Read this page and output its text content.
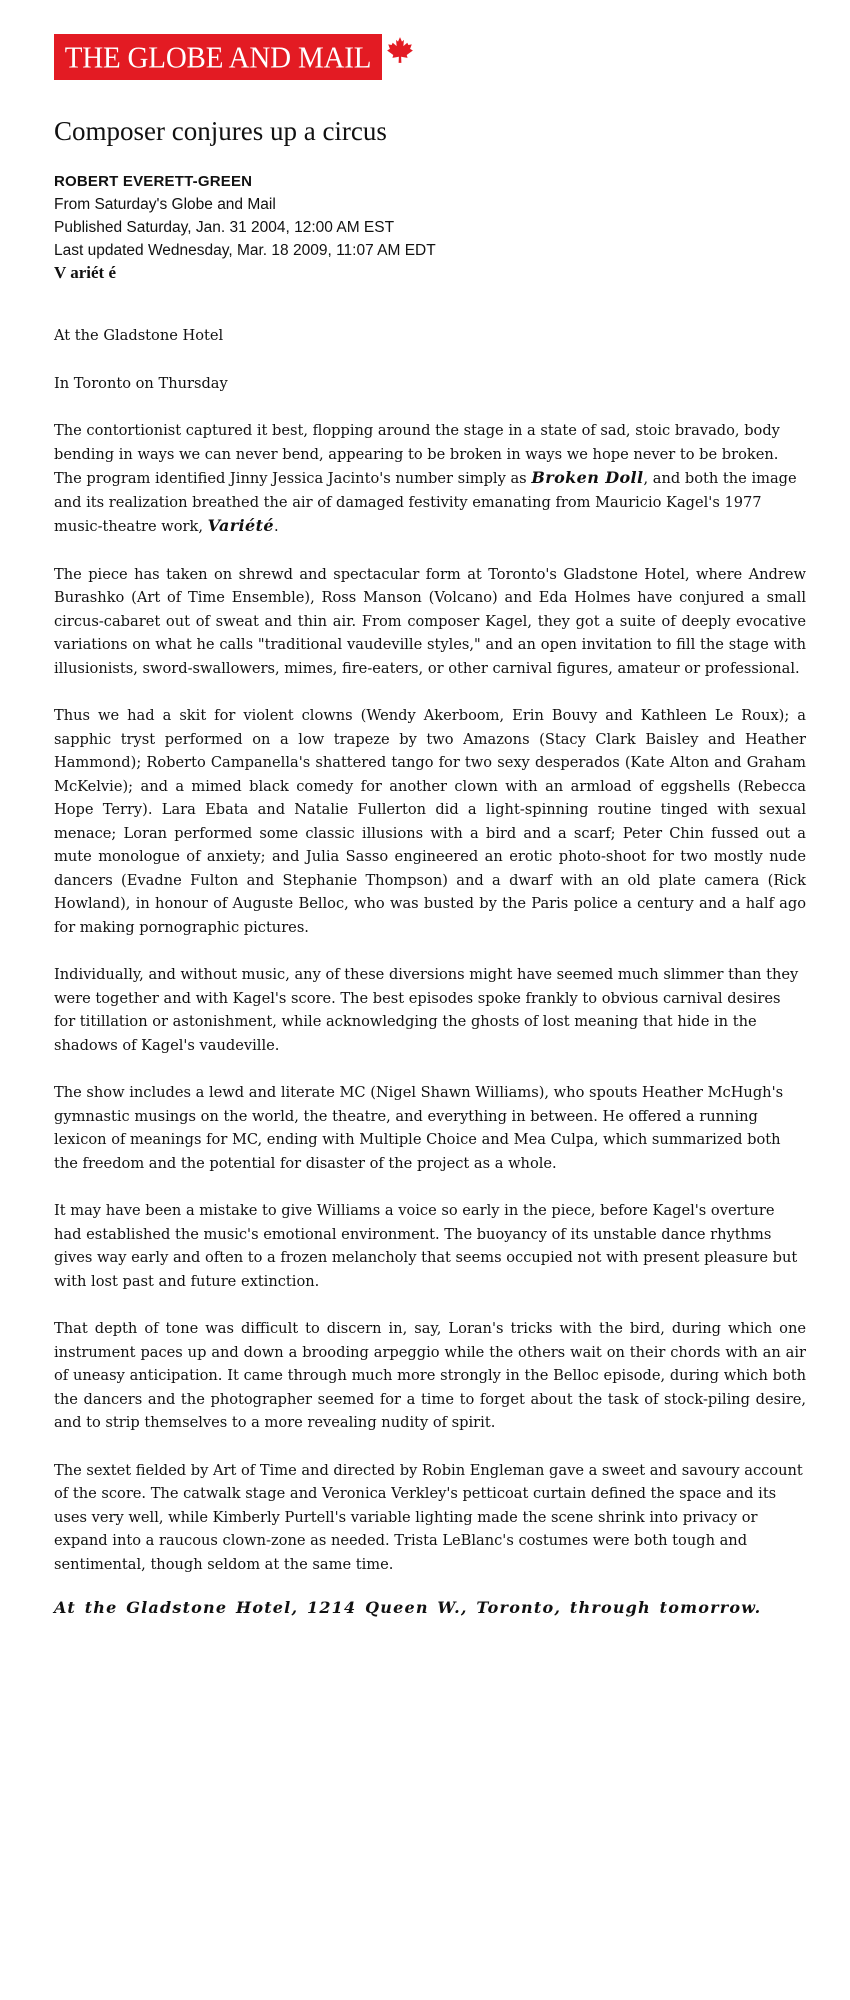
THE GLOBE AND MAIL
Composer conjures up a circus
ROBERT EVERETT-GREEN
From Saturday's Globe and Mail
Published Saturday, Jan. 31 2004, 12:00 AM EST
Last updated Wednesday, Mar. 18 2009, 11:07 AM EDT
V ariét é

At the Gladstone Hotel

In Toronto on Thursday

The contortionist captured it best, flopping around the stage in a state of sad, stoic bravado, body bending in ways we can never bend, appearing to be broken in ways we hope never to be broken. The program identified Jinny Jessica Jacinto's number simply as Broken Doll, and both the image and its realization breathed the air of damaged festivity emanating from Mauricio Kagel's 1977 music-theatre work, Variété.

The piece has taken on shrewd and spectacular form at Toronto's Gladstone Hotel, where Andrew Burashko (Art of Time Ensemble), Ross Manson (Volcano) and Eda Holmes have conjured a small circus-cabaret out of sweat and thin air. From composer Kagel, they got a suite of deeply evocative variations on what he calls "traditional vaudeville styles," and an open invitation to fill the stage with illusionists, sword-swallowers, mimes, fire-eaters, or other carnival figures, amateur or professional.

Thus we had a skit for violent clowns (Wendy Akerboom, Erin Bouvy and Kathleen Le Roux); a sapphic tryst performed on a low trapeze by two Amazons (Stacy Clark Baisley and Heather Hammond); Roberto Campanella's shattered tango for two sexy desperados (Kate Alton and Graham McKelvie); and a mimed black comedy for another clown with an armload of eggshells (Rebecca Hope Terry). Lara Ebata and Natalie Fullerton did a light-spinning routine tinged with sexual menace; Loran performed some classic illusions with a bird and a scarf; Peter Chin fussed out a mute monologue of anxiety; and Julia Sasso engineered an erotic photo-shoot for two mostly nude dancers (Evadne Fulton and Stephanie Thompson) and a dwarf with an old plate camera (Rick Howland), in honour of Auguste Belloc, who was busted by the Paris police a century and a half ago for making pornographic pictures.

Individually, and without music, any of these diversions might have seemed much slimmer than they were together and with Kagel's score. The best episodes spoke frankly to obvious carnival desires for titillation or astonishment, while acknowledging the ghosts of lost meaning that hide in the shadows of Kagel's vaudeville.

The show includes a lewd and literate MC (Nigel Shawn Williams), who spouts Heather McHugh's gymnastic musings on the world, the theatre, and everything in between. He offered a running lexicon of meanings for MC, ending with Multiple Choice and Mea Culpa, which summarized both the freedom and the potential for disaster of the project as a whole.

It may have been a mistake to give Williams a voice so early in the piece, before Kagel's overture had established the music's emotional environment. The buoyancy of its unstable dance rhythms gives way early and often to a frozen melancholy that seems occupied not with present pleasure but with lost past and future extinction.

That depth of tone was difficult to discern in, say, Loran's tricks with the bird, during which one instrument paces up and down a brooding arpeggio while the others wait on their chords with an air of uneasy anticipation. It came through much more strongly in the Belloc episode, during which both the dancers and the photographer seemed for a time to forget about the task of stock-piling desire, and to strip themselves to a more revealing nudity of spirit.

The sextet fielded by Art of Time and directed by Robin Engleman gave a sweet and savoury account of the score. The catwalk stage and Veronica Verkley's petticoat curtain defined the space and its uses very well, while Kimberly Purtell's variable lighting made the scene shrink into privacy or expand into a raucous clown-zone as needed. Trista LeBlanc's costumes were both tough and sentimental, though seldom at the same time.

At the Gladstone Hotel, 1214 Queen W., Toronto, through tomorrow.
